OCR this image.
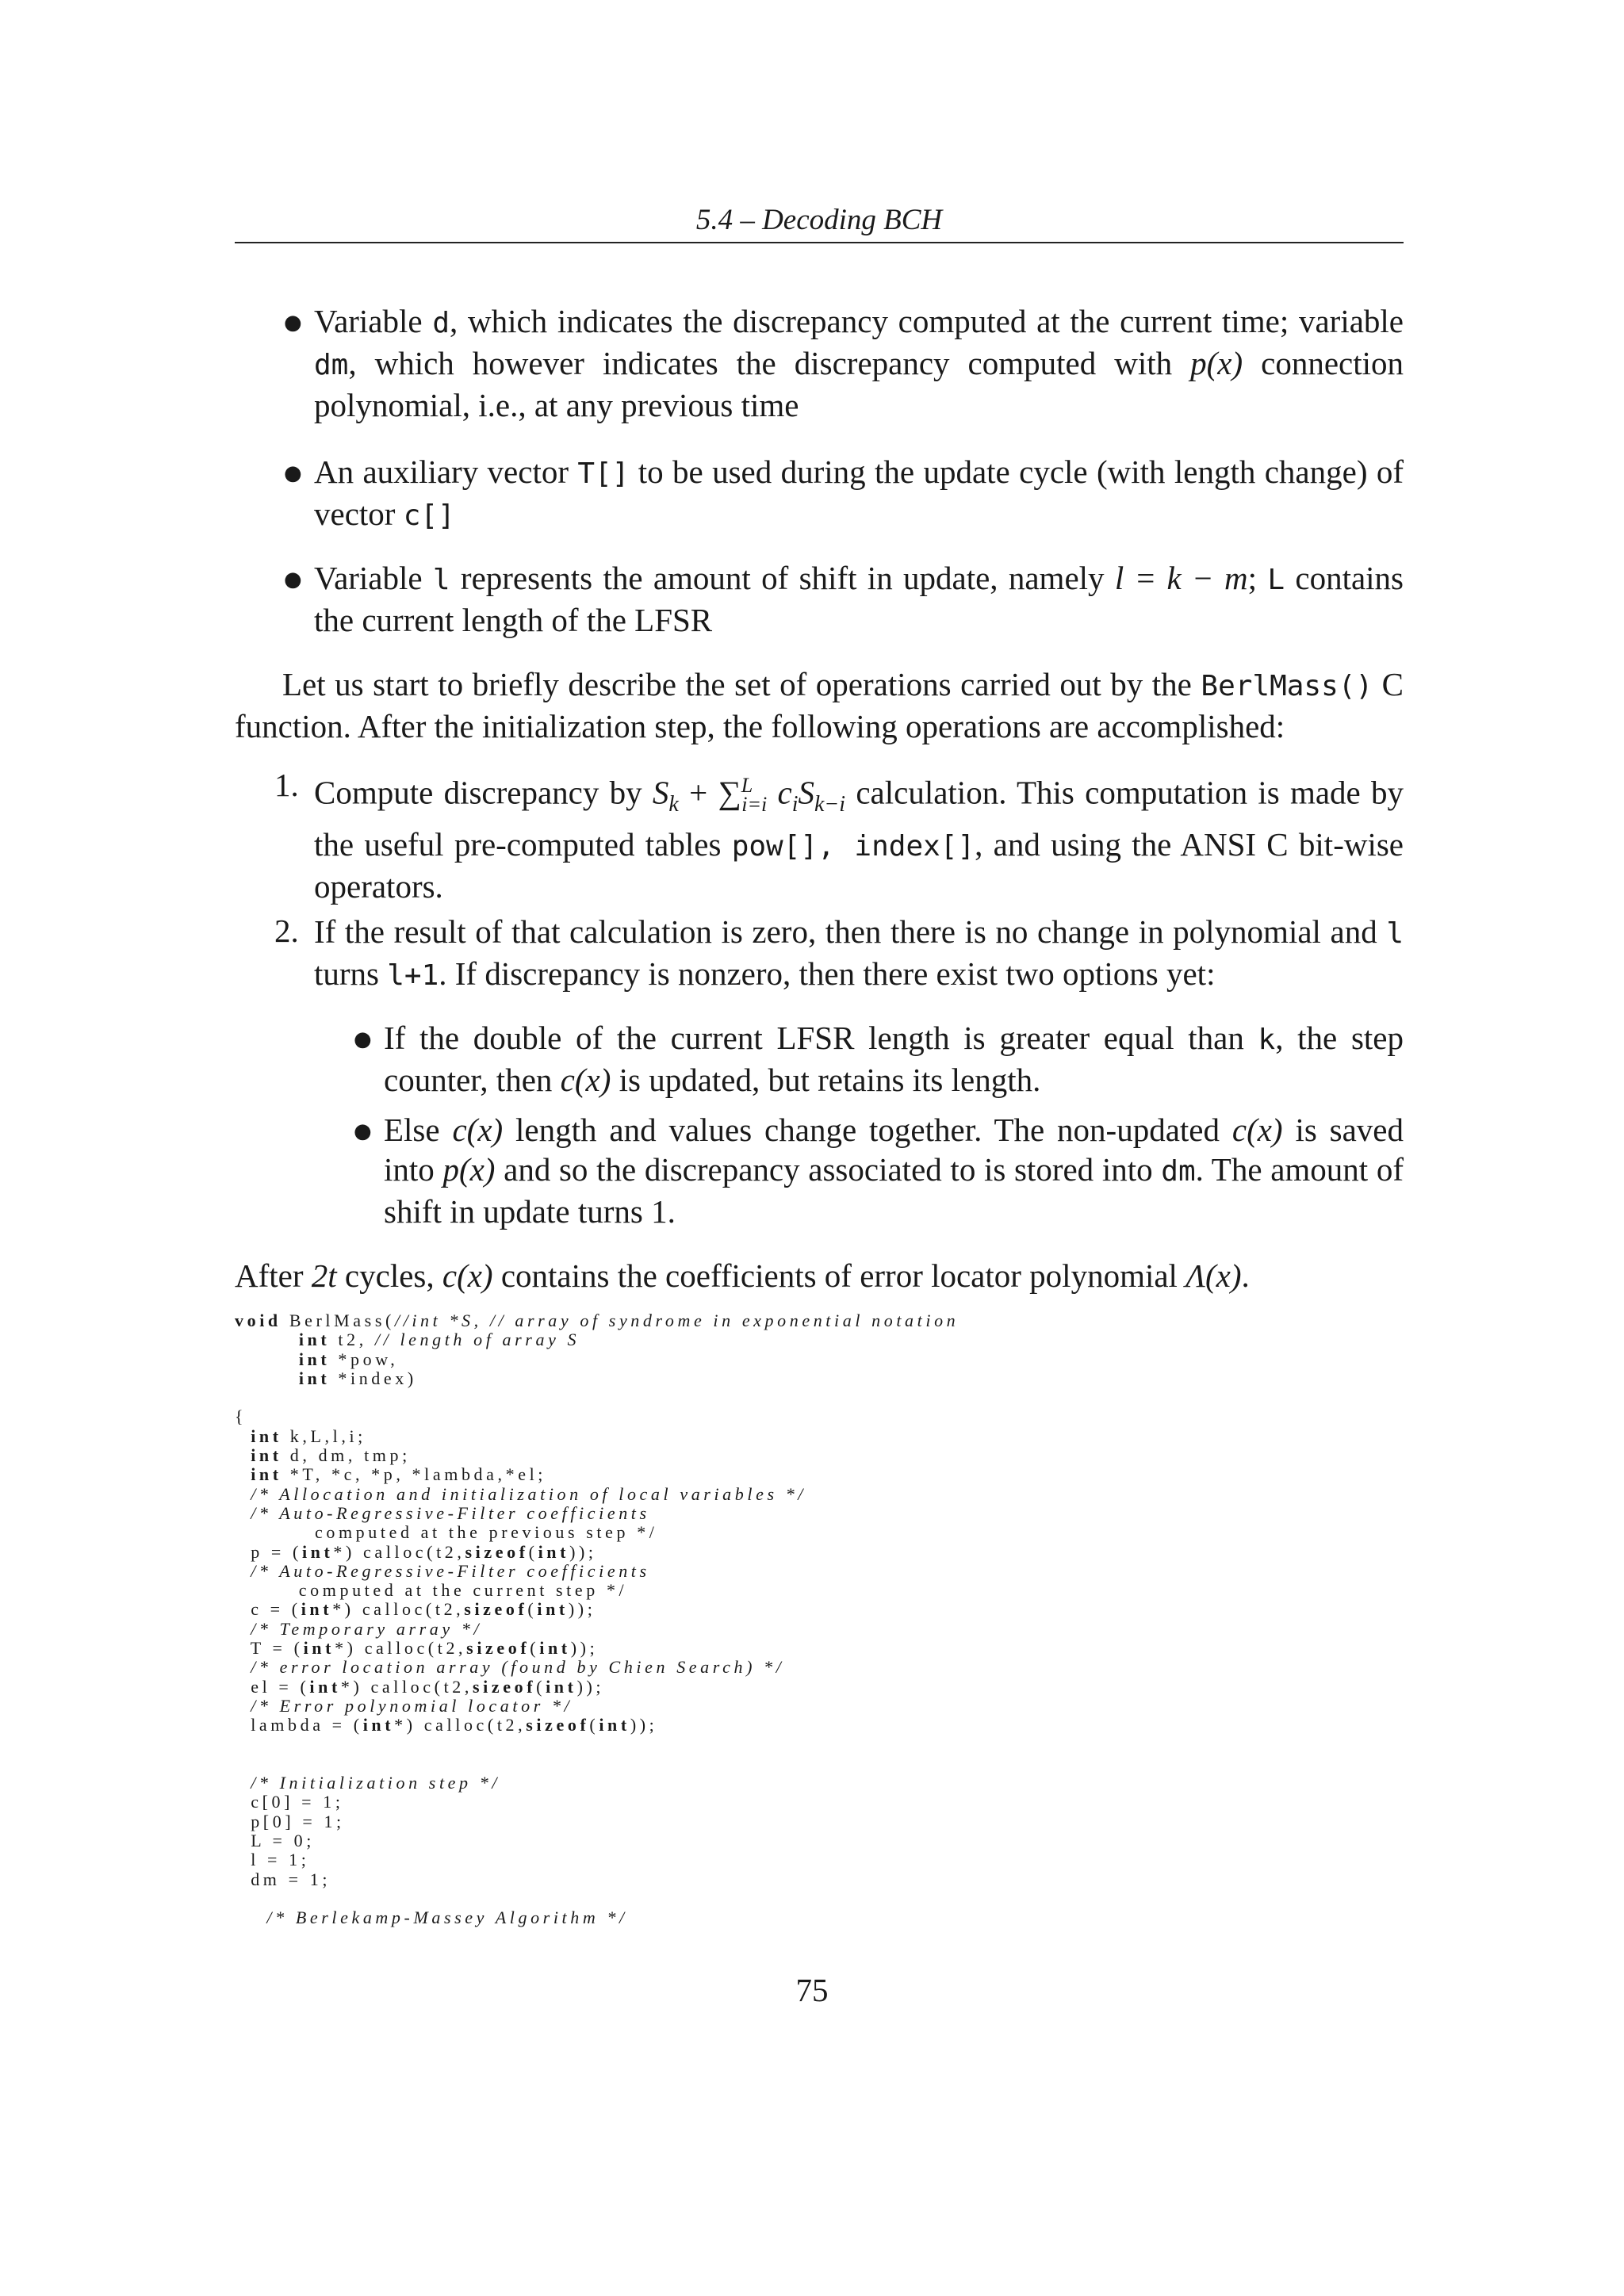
5.4 – Decoding BCH
● Variable d, which indicates the discrepancy computed at the current time; variable dm, which however indicates the discrepancy computed with p(x) connection polynomial, i.e., at any previous time
● An auxiliary vector T[] to be used during the update cycle (with length change) of vector c[]
● Variable l represents the amount of shift in update, namely l = k − m; L contains the current length of the LFSR
Let us start to briefly describe the set of operations carried out by the BerlMass() C function. After the initialization step, the following operations are accomplished:
1. Compute discrepancy by $S_k + \sum^L_{i=i}$ $c_iS_{k-i}$ calculation. This computation is made by the useful pre-computed tables pow[], index[], and using the ANSI C bit-wise operators.
2. If the result of that calculation is zero, then there is no change in polynomial and l turns l+1. If discrepancy is nonzero, then there exist two options yet:
● If the double of the current LFSR length is greater equal than k, the step counter, then c(x) is updated, but retains its length.
● Else c(x) length and values change together. The non-updated c(x) is saved into p(x) and so the discrepancy associated to is stored into dm. The amount of shift in update turns 1.
After 2t cycles, c(x) contains the coefficients of error locator polynomial Λ(x).
void BerlMass(//int *S, // array of syndrome in exponential notation
int t2, // length of array S
int *pow,
int *index)

{
int k,L,l,i;
int d, dm, tmp;
int *T, *c, *p, *lambda,*el;
/* Allocation and initialization of local variables */
/* Auto-Regressive-Filter coefficients
computed at the previous step */
p = (int*) calloc(t2,sizeof(int));
/* Auto-Regressive-Filter coefficients
computed at the current step */
c = (int*) calloc(t2,sizeof(int));
/* Temporary array */
T = (int*) calloc(t2,sizeof(int));
/* error location array (found by Chien Search) */
el = (int*) calloc(t2,sizeof(int));
/* Error polynomial locator */
lambda = (int*) calloc(t2,sizeof(int));

/* Initialization step */
c[0] = 1;
p[0] = 1;
L = 0;
l = 1;
dm = 1;

/* Berlekamp-Massey Algorithm */
75
